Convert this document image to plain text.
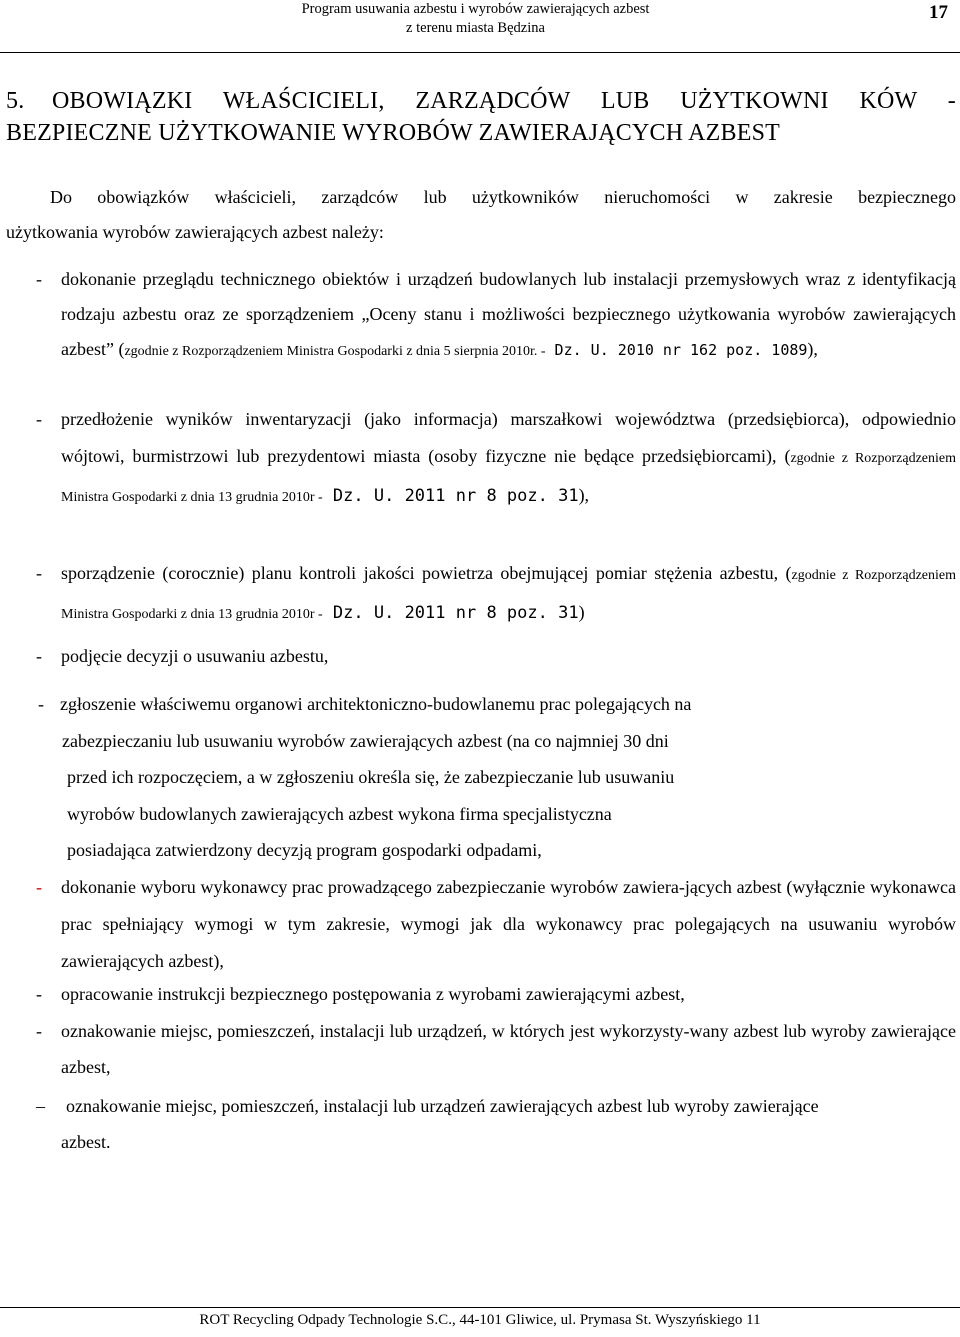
Program usuwania azbestu i wyrobów zawierających azbest
z terenu miasta Będzina
17
5.	OBOWIĄZKI WŁAŚCICIELI, ZARZĄDCÓW LUB UŻYTKOWNI KÓW -
BEZPIECZNE UŻYTKOWANIE WYROBÓW ZAWIERAJĄCYCH AZBEST
Do obowiązków właścicieli, zarządców lub użytkowników nieruchomości w zakresie bezpiecznego
użytkowania wyrobów zawierających azbest należy:
- dokonanie przeglądu technicznego obiektów i urządzeń budowlanych lub instalacji przemysłowych wraz z identyfikacją rodzaju azbestu oraz ze sporządzeniem „Oceny stanu i możliwości bezpiecznego użytkowania wyrobów zawierających azbest” (zgodnie z Rozporządzeniem Ministra Gospodarki z dnia 5 sierpnia 2010r. - Dz. U. 2010 nr 162 poz. 1089),
- przedłożenie wyników inwentaryzacji (jako informacja) marszałkowi województwa (przedsiębiorca), odpowiednio wójtowi, burmistrzowi lub prezydentowi miasta (osoby fizyczne nie będące przedsiębiorcami), (zgodnie z Rozporządzeniem Ministra Gospodarki z dnia 13 grudnia 2010r - Dz. U. 2011 nr 8 poz. 31),
- sporządzenie (corocznie) planu kontroli jakości powietrza obejmującej pomiar stężenia azbestu, (zgodnie z Rozporządzeniem Ministra Gospodarki z dnia 13 grudnia 2010r - Dz. U. 2011 nr 8 poz. 31)
- podjęcie decyzji o usuwaniu azbestu,
- zgłoszenie właściwemu organowi architektoniczno-budowlanemu prac polegających na
zabezpieczaniu lub usuwaniu wyrobów zawierających azbest (na co najmniej 30 dni
przed ich rozpoczęciem, a w zgłoszeniu określa się, że zabezpieczanie lub usuwaniu
wyrobów budowlanych zawierających azbest wykona firma specjalistyczna
posiadająca zatwierdzony decyzją program gospodarki odpadami,
- dokonanie wyboru wykonawcy prac prowadzącego zabezpieczanie wyrobów zawiera-jących azbest (wyłącznie wykonawca prac spełniający wymogi w tym zakresie, wymogi jak dla wykonawcy prac polegających na usuwaniu wyrobów zawierających azbest),
- opracowanie instrukcji bezpiecznego postępowania z wyrobami zawierającymi azbest,
- oznakowanie miejsc, pomieszczeń, instalacji lub urządzeń, w których jest wykorzysty-wany azbest lub wyroby zawierające azbest,
– oznakowanie miejsc, pomieszczeń, instalacji lub urządzeń zawierających azbest lub wyroby zawierające
azbest.
ROT Recycling Odpady Technologie S.C., 44-101 Gliwice, ul. Prymasa St. Wyszyńskiego 11
